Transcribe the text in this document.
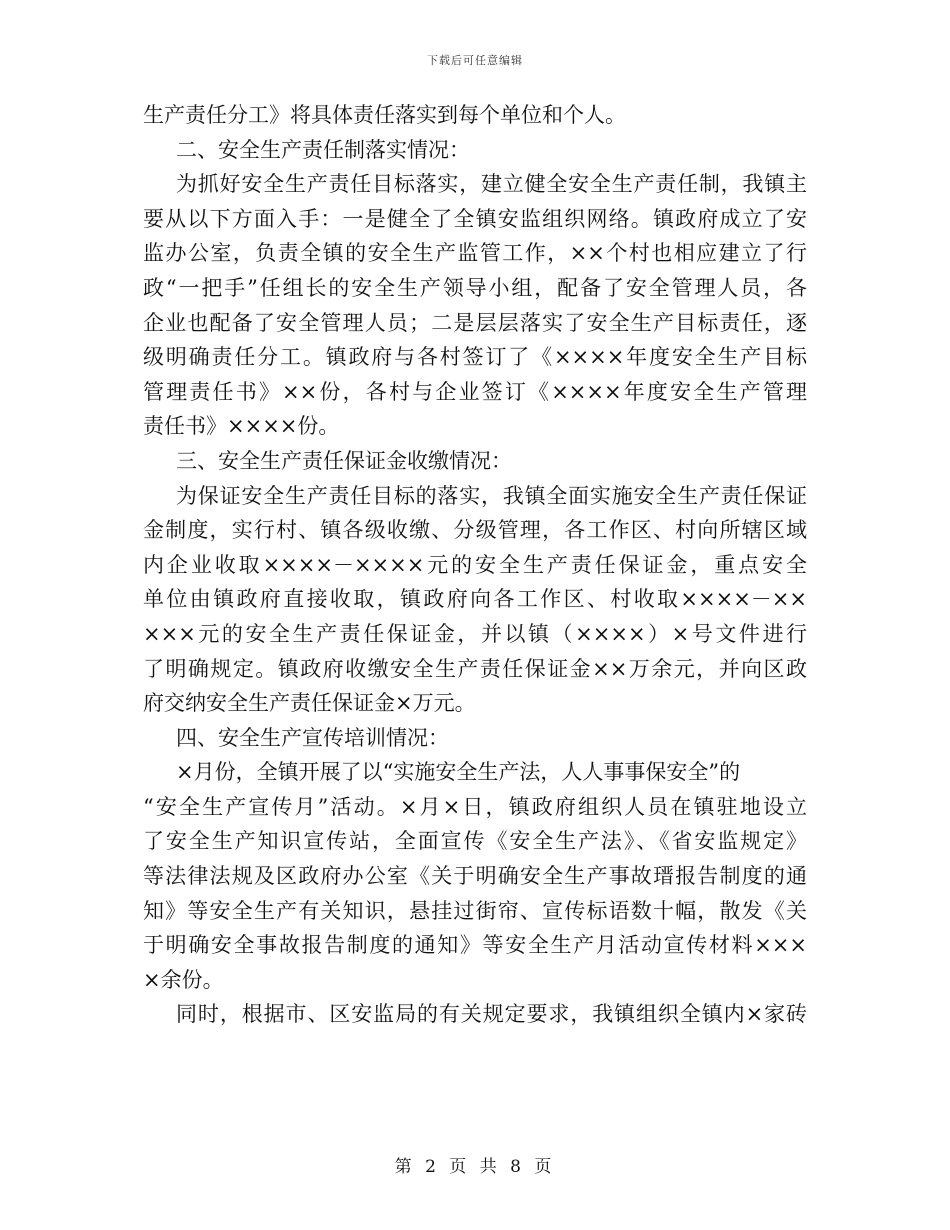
下载后可任意编辑
生产责任分工》将具体责任落实到每个单位和个人。
二、安全生产责任制落实情况：
为抓好安全生产责任目标落实，建立健全安全生产责任制，我镇主
要从以下方面入手：一是健全了全镇安监组织网络。镇政府成立了安
监办公室，负责全镇的安全生产监管工作，××个村也相应建立了行
政“一把手”任组长的安全生产领导小组，配备了安全管理人员，各
企业也配备了安全管理人员；二是层层落实了安全生产目标责任，逐
级明确责任分工。镇政府与各村签订了《××××年度安全生产目标
管理责任书》××份，各村与企业签订《××××年度安全生产管理
责任书》××××份。
三、安全生产责任保证金收缴情况：
为保证安全生产责任目标的落实，我镇全面实施安全生产责任保证
金制度，实行村、镇各级收缴、分级管理，各工作区、村向所辖区域
内企业收取××××－××××元的安全生产责任保证金，重点安全
单位由镇政府直接收取，镇政府向各工作区、村收取××××－××
×××元的安全生产责任保证金，并以镇（××××）×号文件进行
了明确规定。镇政府收缴安全生产责任保证金××万余元，并向区政
府交纳安全生产责任保证金×万元。
四、安全生产宣传培训情况：
×月份，全镇开展了以“实施安全生产法，人人事事保安全”的
“安全生产宣传月”活动。×月×日，镇政府组织人员在镇驻地设立
了安全生产知识宣传站，全面宣传《安全生产法》、《省安监规定》
等法律法规及区政府办公室《关于明确安全生产事故瑨报告制度的通
知》等安全生产有关知识，悬挂过街帘、宣传标语数十幅，散发《关
于明确安全事故报告制度的通知》等安全生产月活动宣传材料×××
×余份。
同时，根据市、区安监局的有关规定要求，我镇组织全镇内×家砖
第 2 页 共 8 页
